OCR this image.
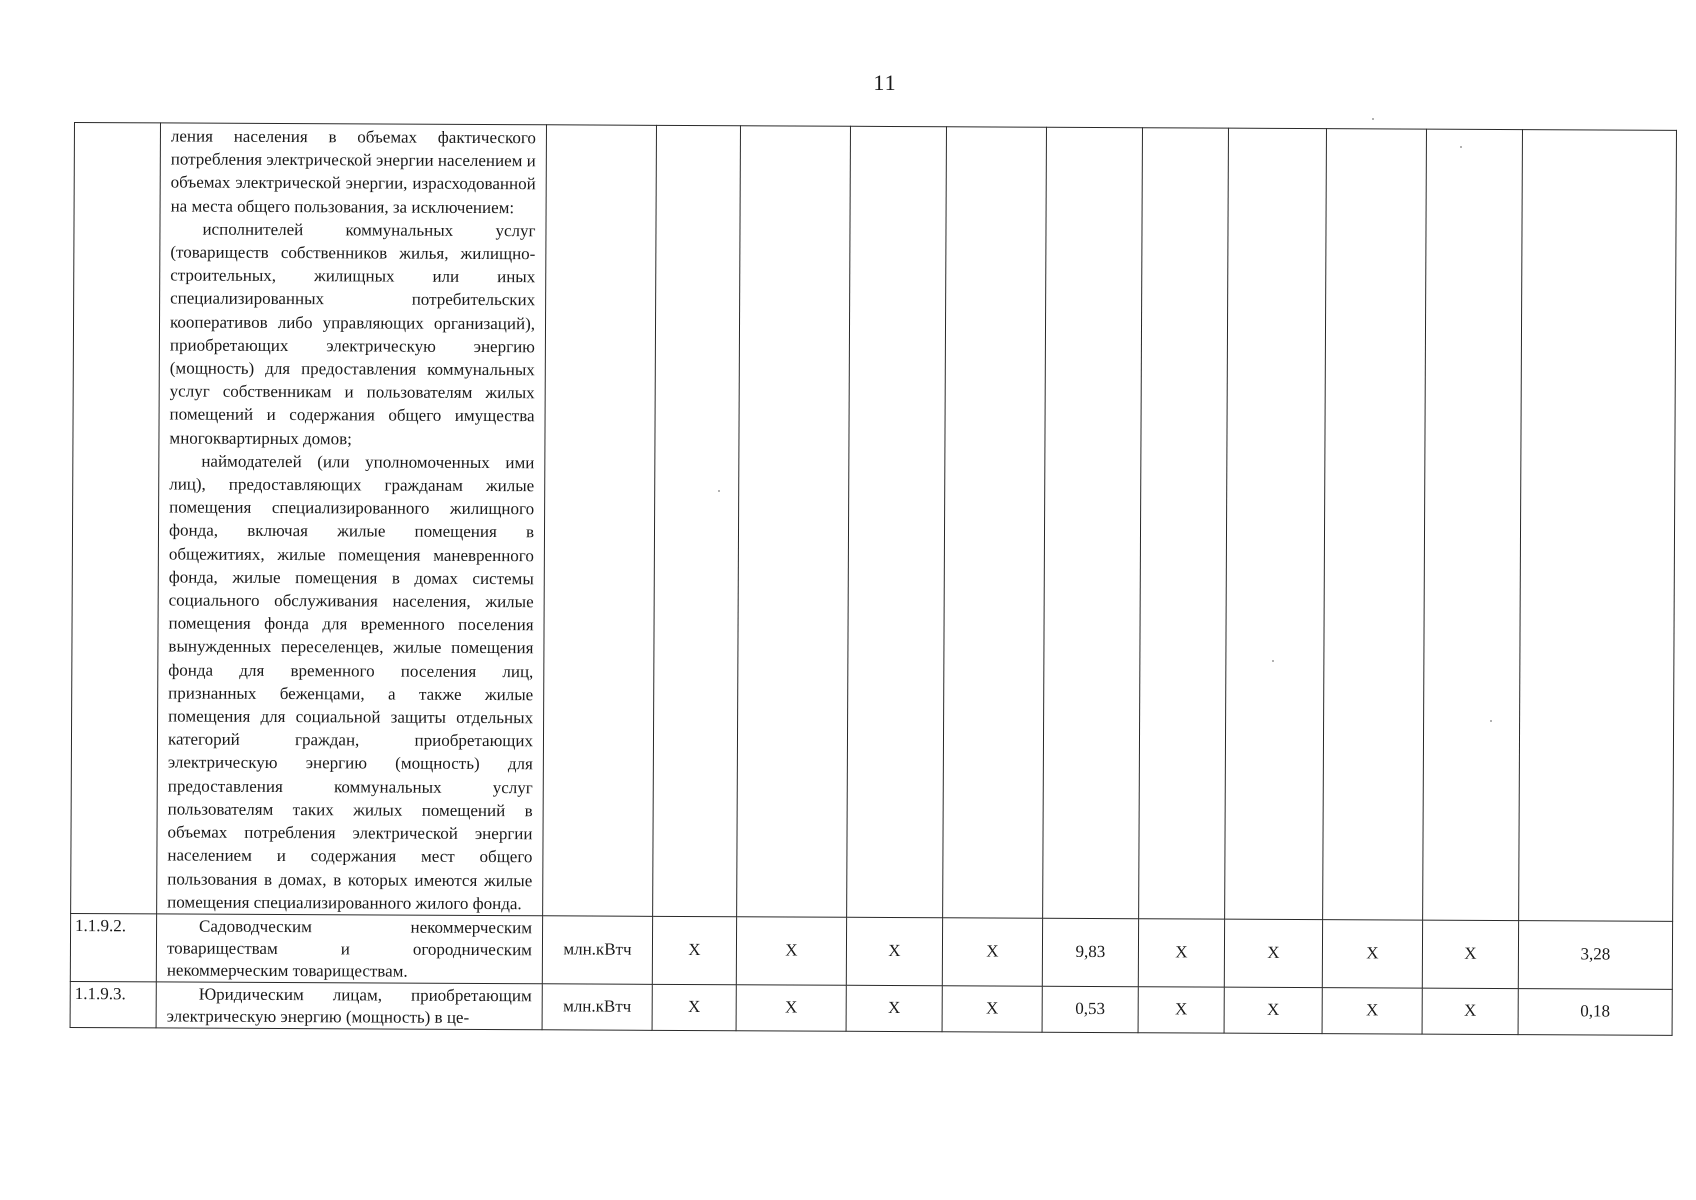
11

	ления населения в объемах фактического потребления электрической энергии населением и объемах электрической энергии, израсходованной на места общего пользования, за исключением:

исполнителей коммунальных услуг (товариществ собственников жилья, жилищно-строительных, жилищных или иных специализированных потребительских кооперативов либо управляющих организаций), приобретающих электрическую энергию (мощность) для предоставления коммунальных услуг собственникам и пользователям жилых помещений и содержания общего имущества многоквартирных домов;

наймодателей (или уполномоченных ими лиц), предоставляющих гражданам жилые помещения специализированного жилищного фонда, включая жилые помещения в общежитиях, жилые помещения маневренного фонда, жилые помещения в домах системы социального обслуживания населения, жилые помещения фонда для временного поселения вынужденных переселенцев, жилые помещения фонда для временного поселения лиц, признанных беженцами, а также жилые помещения для социальной защиты отдельных категорий граждан, приобретающих электрическую энергию (мощность) для предоставления коммунальных услуг пользователям таких жилых помещений в объемах потребления электрической энергии населением и содержания мест общего пользования в домах, в которых имеются жилые помещения специализированного жилого фонда.											

1.1.9.2.	Садоводческим некоммерческим товариществам и огородническим некоммерческим товариществам.	млн.кВтч	X	X	X	X	9,83	X	X	X	X	3,28
1.1.9.3.	Юридическим лицам, приобретающим электрическую энергию (мощность) в це-	млн.кВтч	X	X	X	X	0,53	X	X	X	X	0,18
